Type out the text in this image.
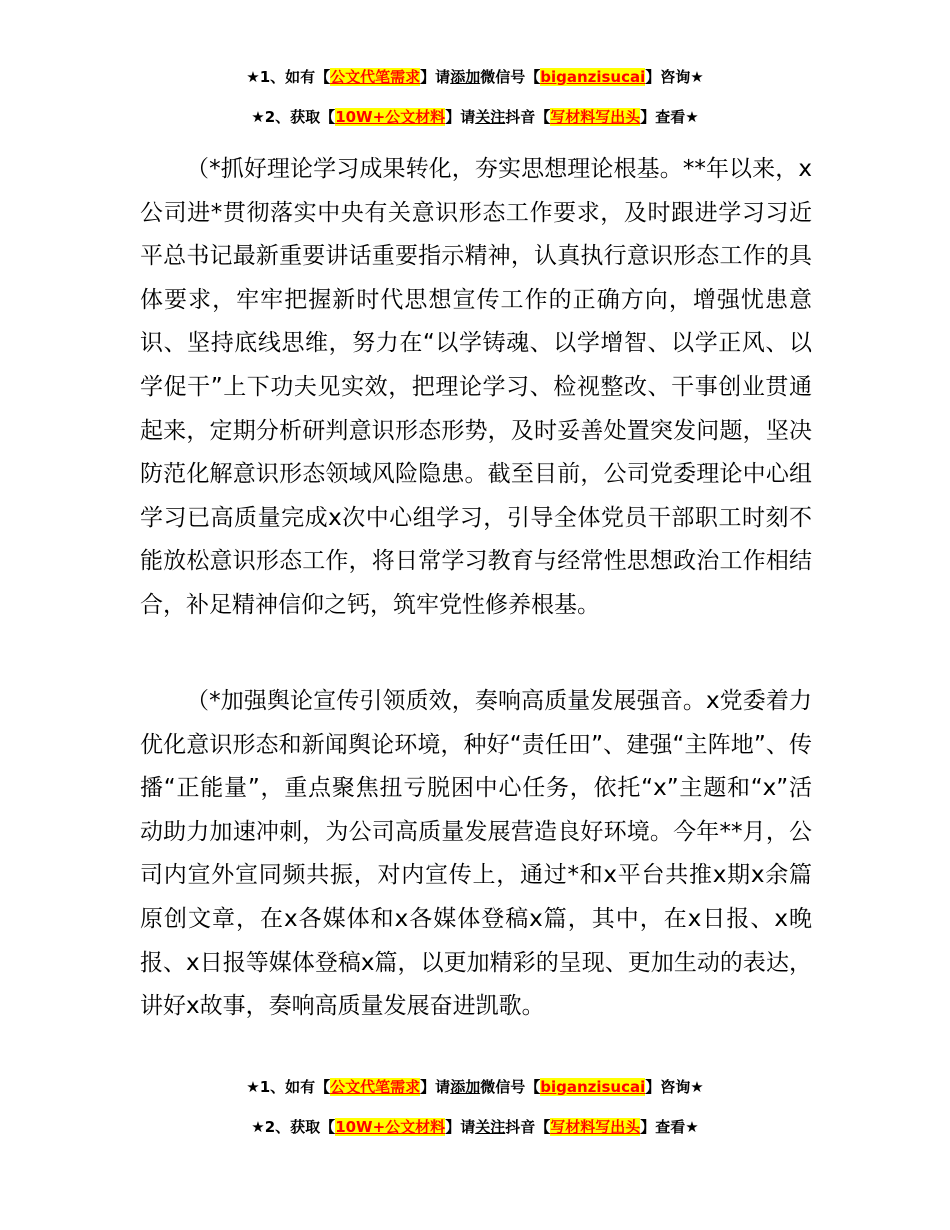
★1、如有【公文代笔需求】请添加微信号【biganzisucai】咨询★
★2、获取【10W+公文材料】请关注抖音【写材料写出头】查看★

（*抓好理论学习成果转化，夯实思想理论根基。**年以来，x公司进*贯彻落实中央有关意识形态工作要求，及时跟进学习习近平总书记最新重要讲话重要指示精神，认真执行意识形态工作的具体要求，牢牢把握新时代思想宣传工作的正确方向，增强忧患意识、坚持底线思维，努力在“以学铸魂、以学增智、以学正风、以学促干”上下功夫见实效，把理论学习、检视整改、干事创业贯通起来，定期分析研判意识形态形势，及时妥善处置突发问题，坚决防范化解意识形态领域风险隐患。截至目前，公司党委理论中心组学习已高质量完成x次中心组学习，引导全体党员干部职工时刻不能放松意识形态工作，将日常学习教育与经常性思想政治工作相结合，补足精神信仰之钙，筑牢党性修养根基。

（*加强舆论宣传引领质效，奏响高质量发展强音。x党委着力优化意识形态和新闻舆论环境，种好“责任田”、建强“主阵地”、传播“正能量”，重点聚焦扭亏脱困中心任务，依托“x”主题和“x”活动助力加速冲刺，为公司高质量发展营造良好环境。今年**月，公司内宣外宣同频共振，对内宣传上，通过*和x平台共推x期x余篇原创文章，在x各媒体和x各媒体登稿x篇，其中，在x日报、x晚报、x日报等媒体登稿x篇，以更加精彩的呈现、更加生动的表达，讲好x故事，奏响高质量发展奋进凯歌。

★1、如有【公文代笔需求】请添加微信号【biganzisucai】咨询★
★2、获取【10W+公文材料】请关注抖音【写材料写出头】查看★
